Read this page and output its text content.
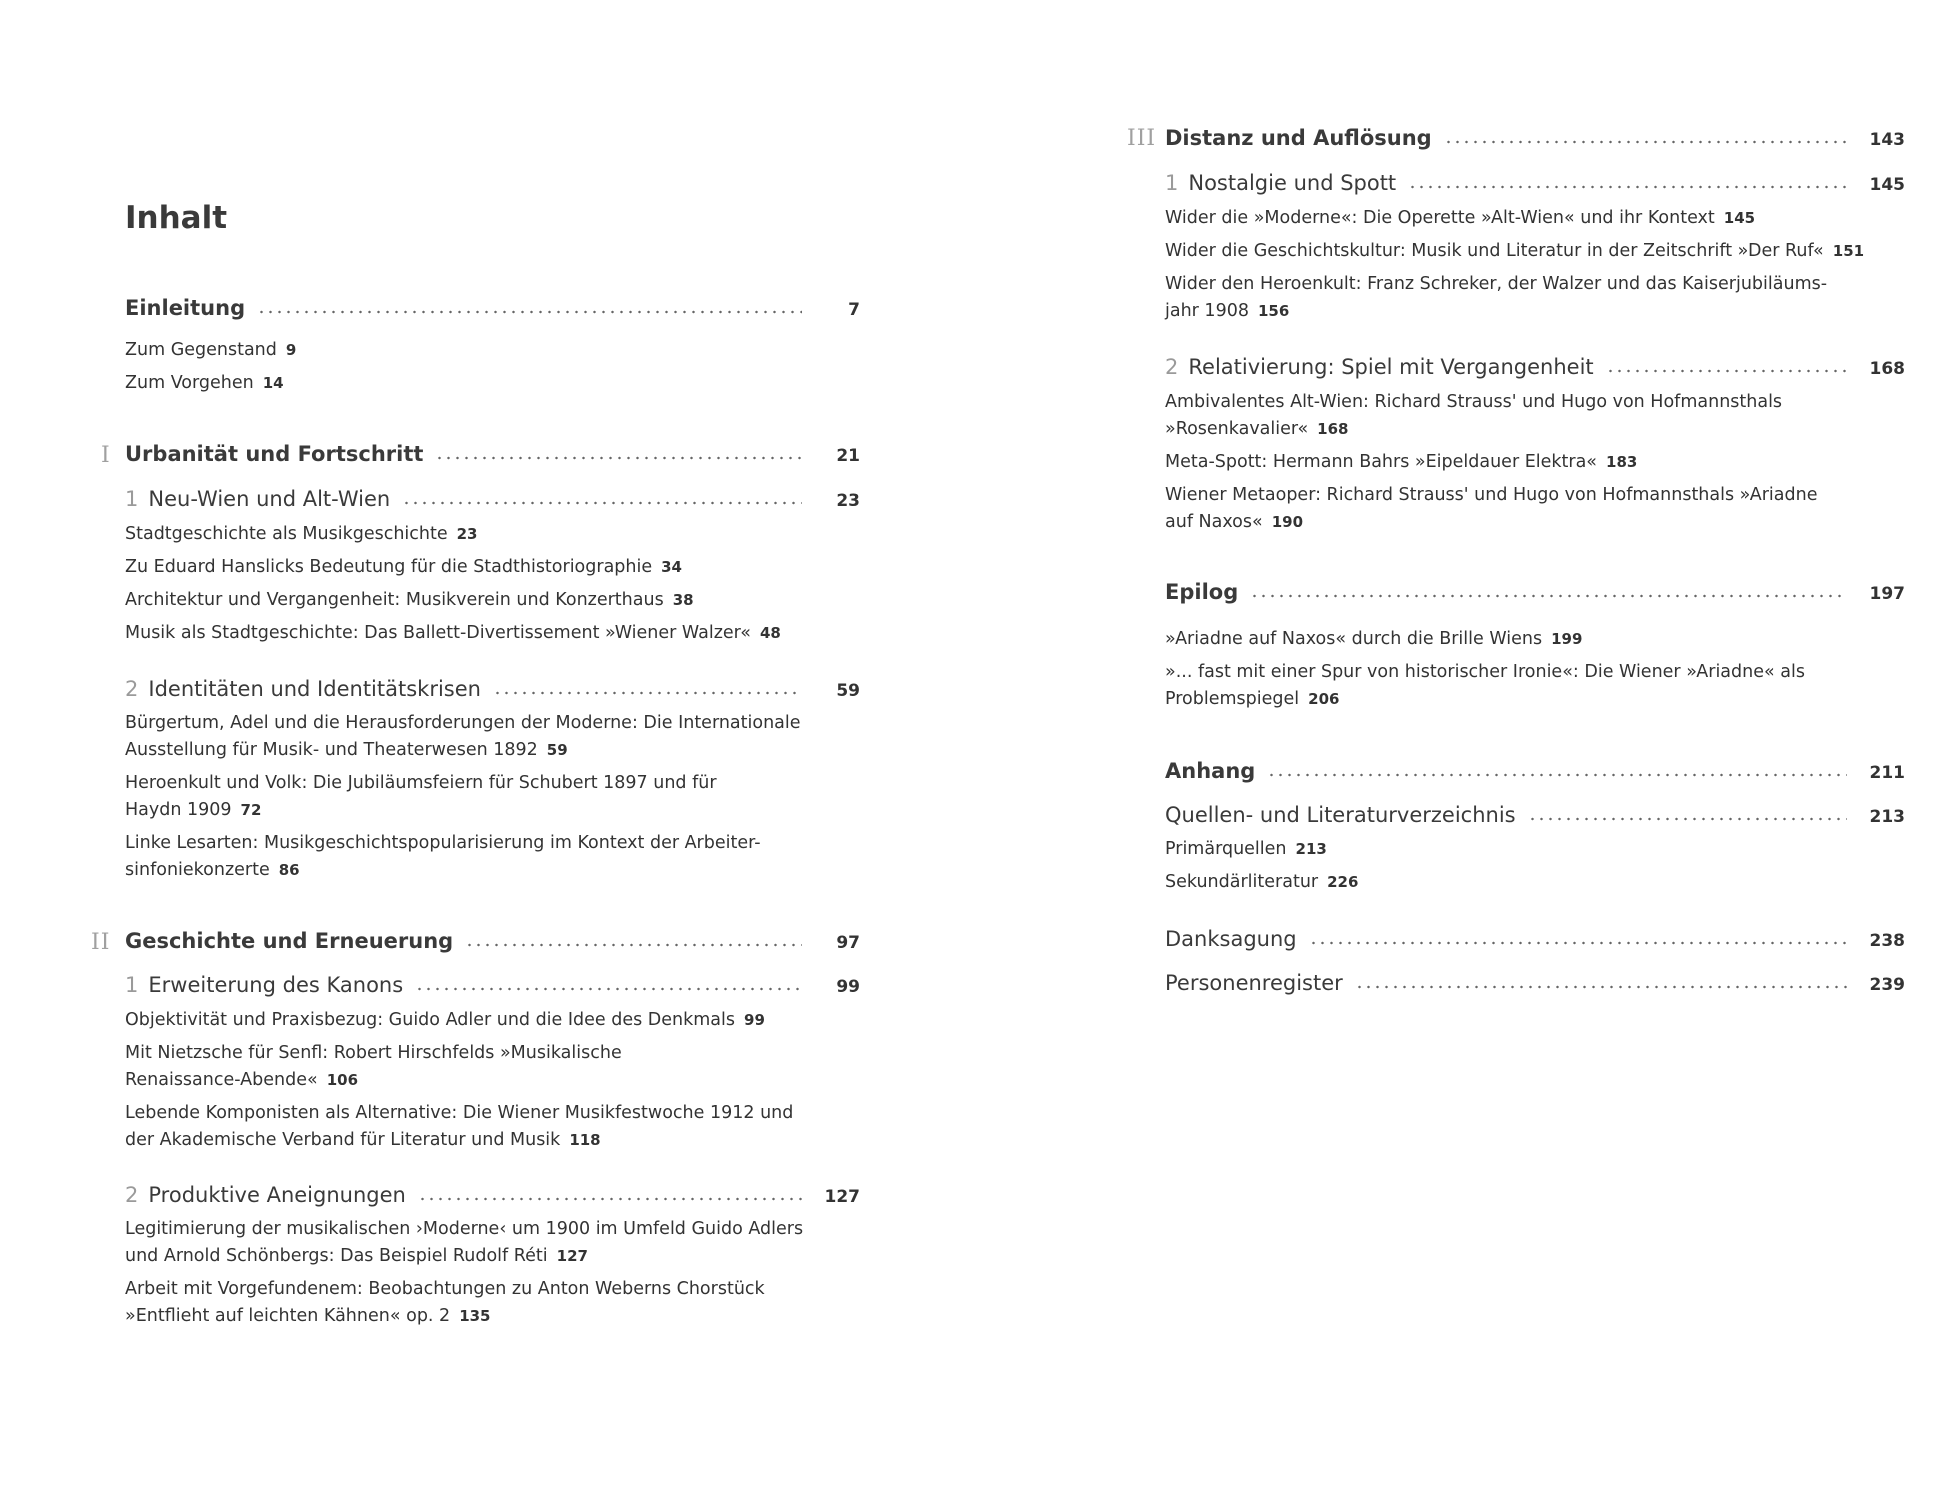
Inhalt
Einleitung	7
Zum Gegenstand 9
Zum Vorgehen 14
I Urbanität und Fortschritt	21
1 Neu-Wien und Alt-Wien	23
Stadtgeschichte als Musikgeschichte 23
Zu Eduard Hanslicks Bedeutung für die Stadthistoriographie 34
Architektur und Vergangenheit: Musikverein und Konzerthaus 38
Musik als Stadtgeschichte: Das Ballett-Divertissement »Wiener Walzer« 48
2 Identitäten und Identitätskrisen	59
Bürgertum, Adel und die Herausforderungen der Moderne: Die Internationale Ausstellung für Musik- und Theaterwesen 1892 59
Heroenkult und Volk: Die Jubiläumsfeiern für Schubert 1897 und für Haydn 1909 72
Linke Lesarten: Musikgeschichtspopularisierung im Kontext der Arbeiter-sinfoniekonzerte 86
II Geschichte und Erneuerung	97
1 Erweiterung des Kanons	99
Objektivität und Praxisbezug: Guido Adler und die Idee des Denkmals 99
Mit Nietzsche für Senfl: Robert Hirschfelds »Musikalische Renaissance-Abende« 106
Lebende Komponisten als Alternative: Die Wiener Musikfestwoche 1912 und der Akademische Verband für Literatur und Musik 118
2 Produktive Aneignungen	127
Legitimierung der musikalischen ›Moderne‹ um 1900 im Umfeld Guido Adlers und Arnold Schönbergs: Das Beispiel Rudolf Réti 127
Arbeit mit Vorgefundenem: Beobachtungen zu Anton Weberns Chorstück »Entflieht auf leichten Kähnen« op. 2 135
III Distanz und Auflösung	143
1 Nostalgie und Spott	145
Wider die »Moderne«: Die Operette »Alt-Wien« und ihr Kontext 145
Wider die Geschichtskultur: Musik und Literatur in der Zeitschrift »Der Ruf« 151
Wider den Heroenkult: Franz Schreker, der Walzer und das Kaiserjubiläums-jahr 1908 156
2 Relativierung: Spiel mit Vergangenheit	168
Ambivalentes Alt-Wien: Richard Strauss' und Hugo von Hofmannsthals »Rosenkavalier« 168
Meta-Spott: Hermann Bahrs »Eipeldauer Elektra« 183
Wiener Metaoper: Richard Strauss' und Hugo von Hofmannsthals »Ariadne auf Naxos« 190
Epilog	197
»Ariadne auf Naxos« durch die Brille Wiens 199
»... fast mit einer Spur von historischer Ironie«: Die Wiener »Ariadne« als Problemspiegel 206
Anhang	211
Quellen- und Literaturverzeichnis	213
Primärquellen 213
Sekundärliteratur 226
Danksagung	238
Personenregister	239
